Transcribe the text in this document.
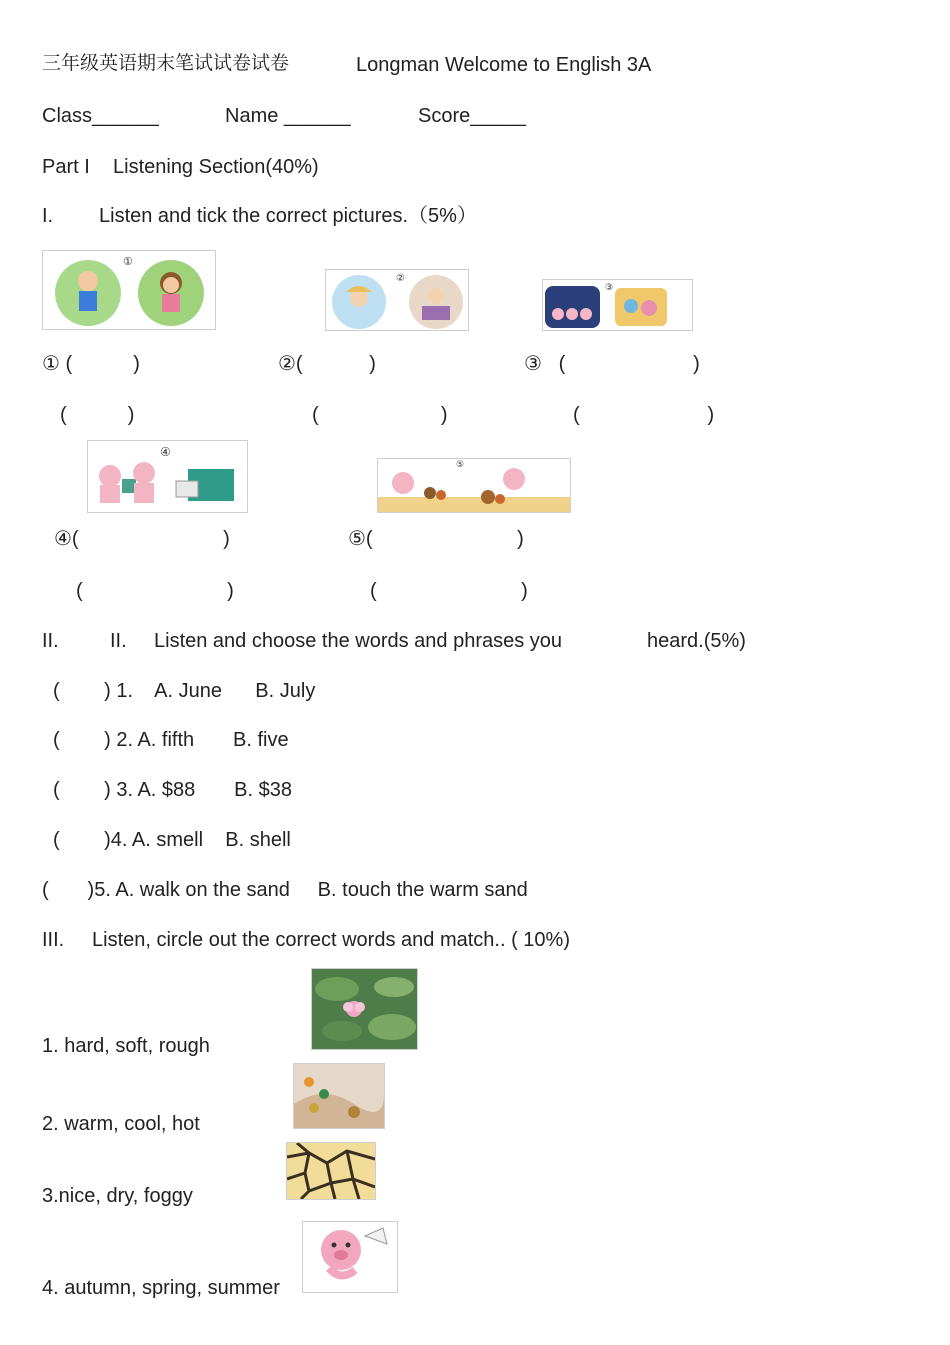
三年级英语期末笔试试卷试卷	Longman Welcome to English 3A
Class______	Name ______	Score_____
Part I Listening Section(40%)
I. Listen and tick the correct pictures.（5%）
①
②
③
① (           )	②(            )	③   (                       )
(           )	(                      )	(                       )
④
⑤
④(                          )	⑤(                          )
(                          )	(                          )
II.	II. Listen and choose the words and phrases you	heard.(5%)
(        ) 1.    A. June      B. July
(        ) 2. A. fifth       B. five
(        ) 3. A. $88       B. $38
(        )4. A. smell    B. shell
(       )5. A. walk on the sand     B. touch the warm sand
III. Listen, circle out the correct words and match.. ( 10%)
1. hard, soft, rough
2. warm, cool, hot
3.nice, dry, foggy
4. autumn, spring, summer
